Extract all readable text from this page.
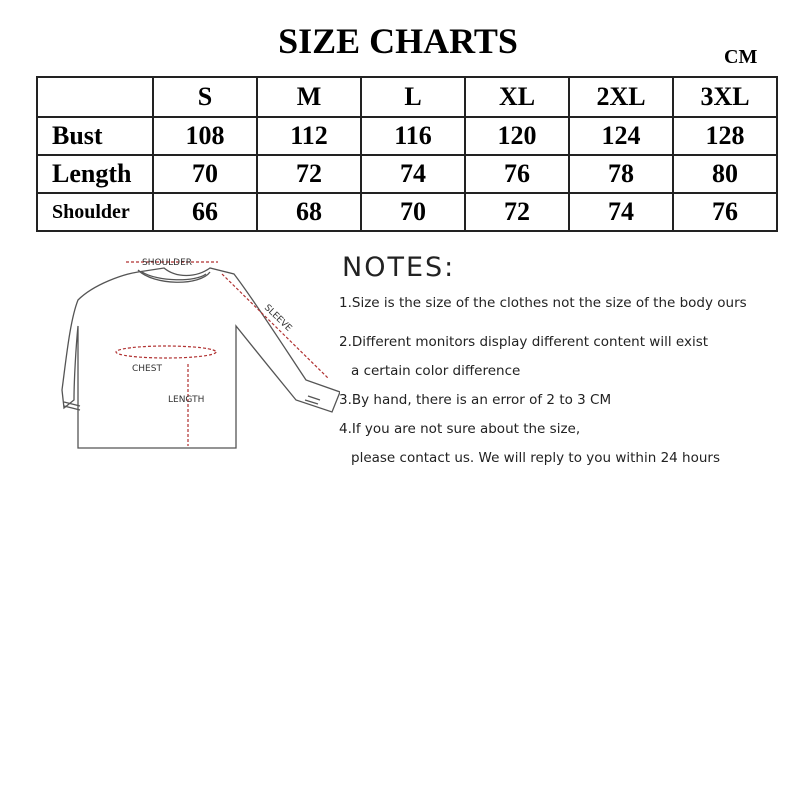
SIZE CHARTS	CM
	S	M	L	XL	2XL	3XL
Bust	108	112	116	120	124	128
Length	70	72	74	76	78	80
Shoulder	66	68	70	72	74	76
SHOULDER
SLEEVE
CHEST
LENGTH
NOTES:
1.Size is the size of the clothes not the size of the body ours
2.Different monitors display different content will exist
a certain color difference
3.By hand, there is an error of 2 to 3 CM
4.If you are not sure about the size,
please contact us. We will reply to you within 24 hours
